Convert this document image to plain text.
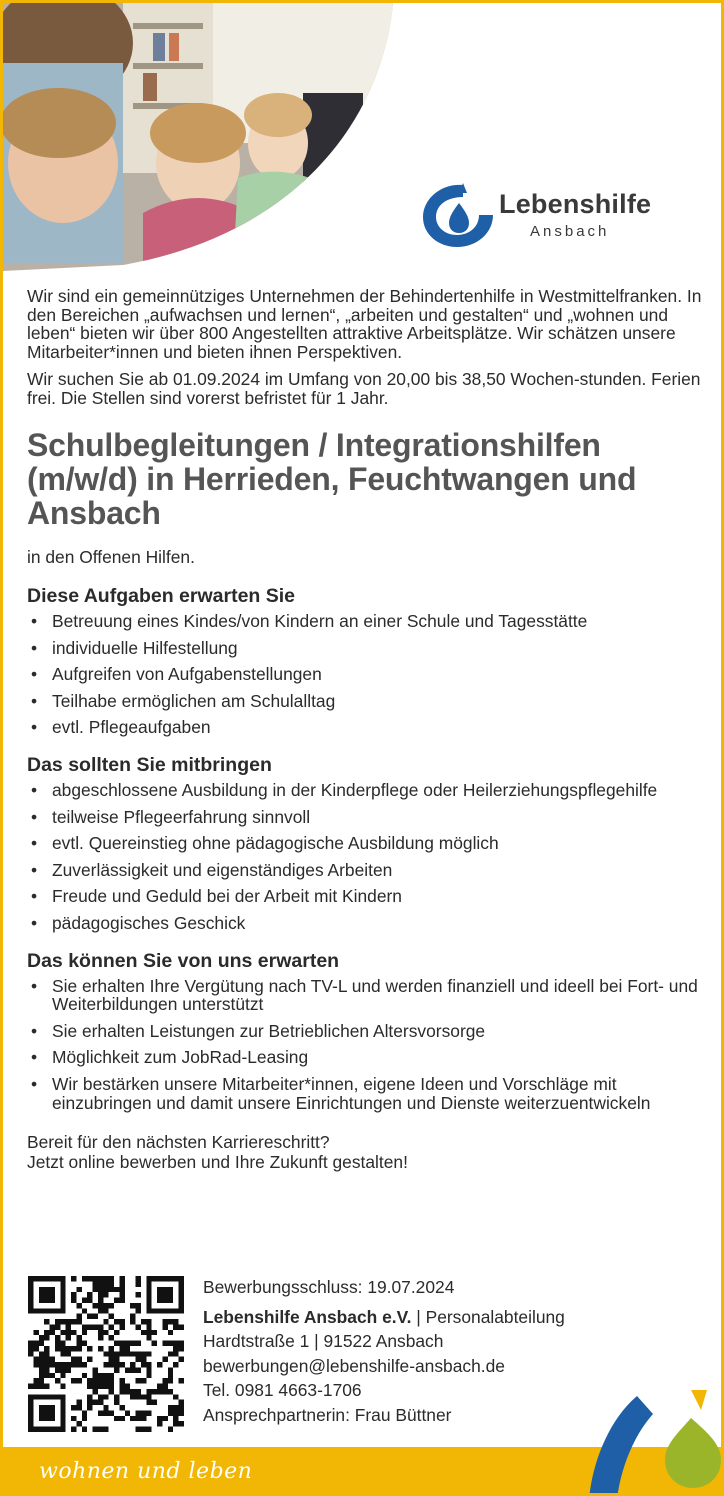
Lebenshilfe
Ansbach

Wir sind ein gemeinnütziges Unternehmen der Behindertenhilfe in Westmittelfranken. In den Bereichen „aufwachsen und lernen“, „arbeiten und gestalten“ und „wohnen und leben“ bieten wir über 800 Angestellten attraktive Arbeitsplätze. Wir schätzen unsere Mitarbeiter*innen und bieten ihnen Perspektiven.

Wir suchen Sie ab 01.09.2024 im Umfang von 20,00 bis 38,50 Wochen-stunden. Ferien frei. Die Stellen sind vorerst befristet für 1 Jahr.

Schulbegleitungen / Integrationshilfen (m/w/d) in Herrieden, Feuchtwangen und Ansbach

in den Offenen Hilfen.

Diese Aufgaben erwarten Sie
• Betreuung eines Kindes/von Kindern an einer Schule und Tagesstätte
• individuelle Hilfestellung
• Aufgreifen von Aufgabenstellungen
• Teilhabe ermöglichen am Schulalltag
• evtl. Pflegeaufgaben
Das sollten Sie mitbringen
• abgeschlossene Ausbildung in der Kinderpflege oder Heilerziehungspflegehilfe
• teilweise Pflegeerfahrung sinnvoll
• evtl. Quereinstieg ohne pädagogische Ausbildung möglich
• Zuverlässigkeit und eigenständiges Arbeiten
• Freude und Geduld bei der Arbeit mit Kindern
• pädagogisches Geschick
Das können Sie von uns erwarten
• Sie erhalten Ihre Vergütung nach TV-L und werden finanziell und ideell bei Fort- und Weiterbildungen unterstützt
• Sie erhalten Leistungen zur Betrieblichen Altersvorsorge
• Möglichkeit zum JobRad-Leasing
• Wir bestärken unsere Mitarbeiter*innen, eigene Ideen und Vorschläge mit einzubringen und damit unsere Einrichtungen und Dienste weiterzuentwickeln
Bereit für den nächsten Karriereschritt?
Jetzt online bewerben und Ihre Zukunft gestalten!
Bewerbungsschluss: 19.07.2024
Lebenshilfe Ansbach e.V. | Personalabteilung
Hardtstraße 1 | 91522 Ansbach
bewerbungen@lebenshilfe-ansbach.de
Tel. 0981 4663-1706
Ansprechpartnerin: Frau Büttner
wohnen und leben
